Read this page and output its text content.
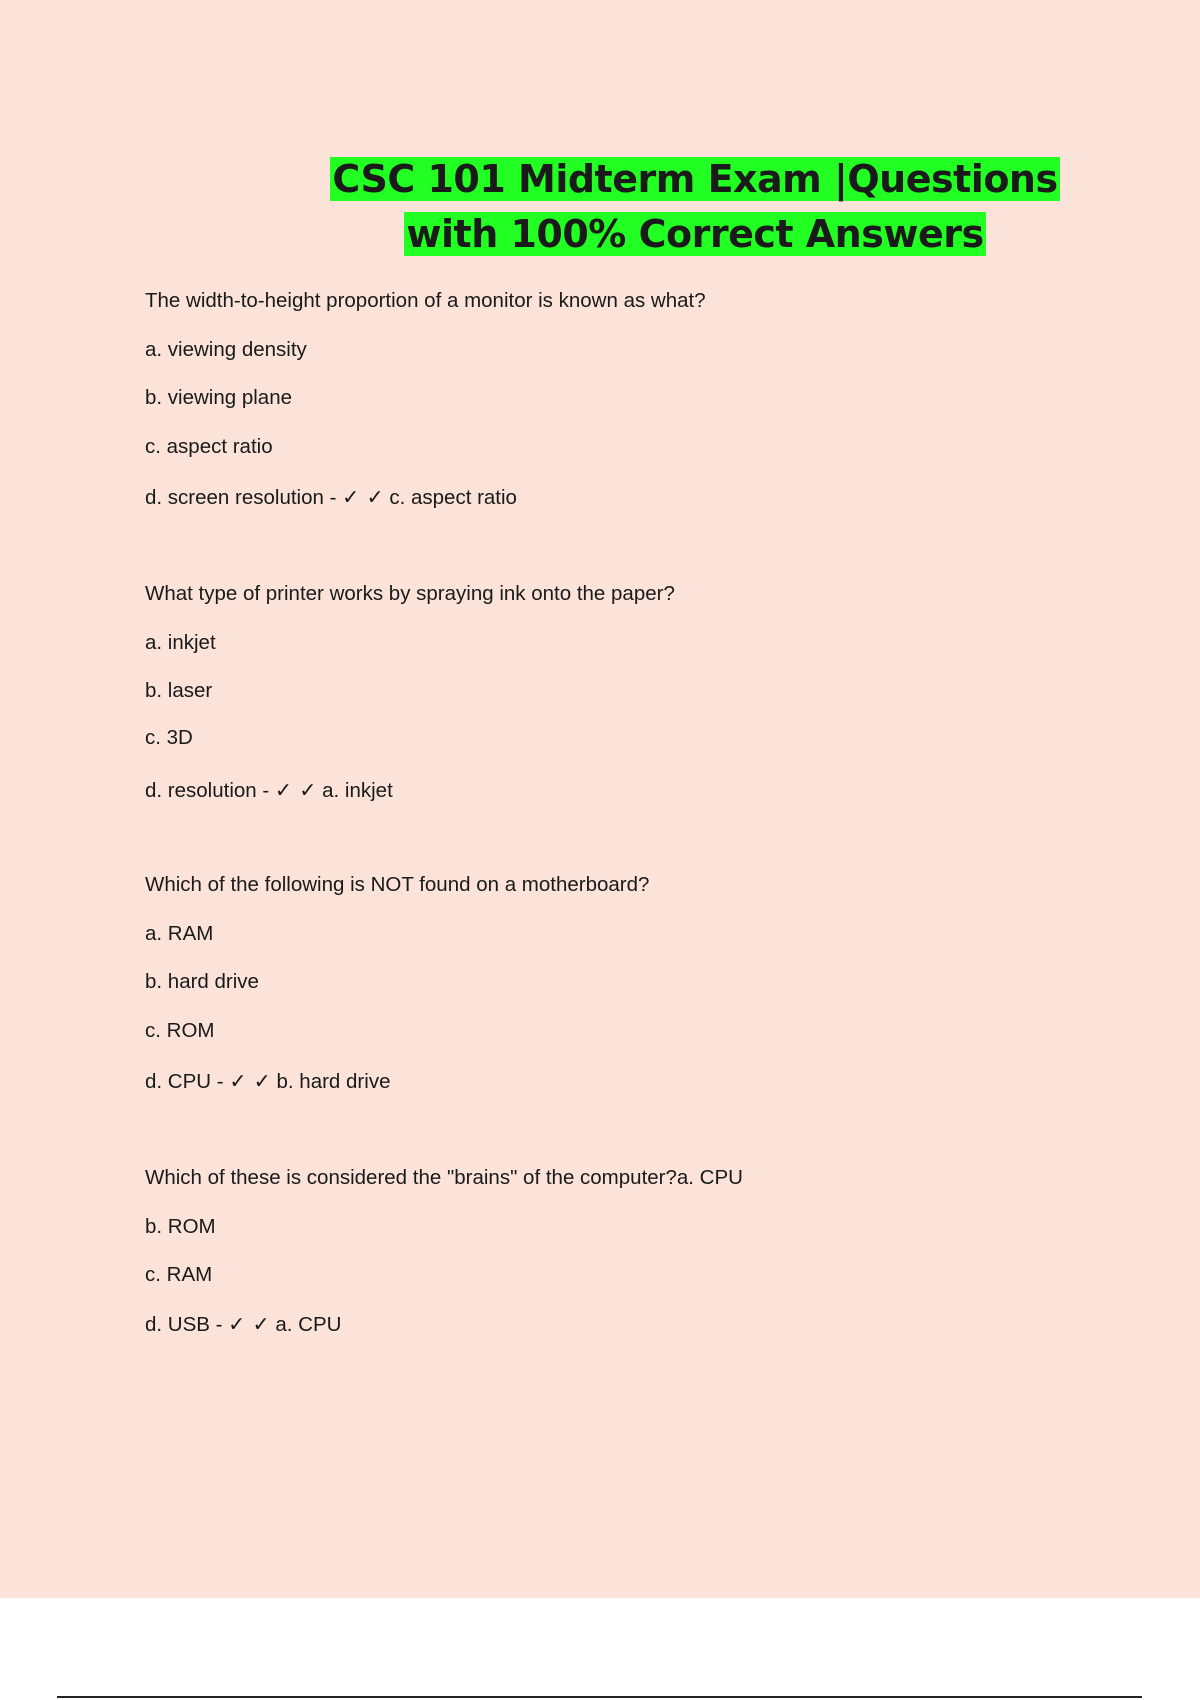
CSC 101 Midterm Exam |Questions
with 100% Correct Answers
The width-to-height proportion of a monitor is known as what?
a. viewing density
b. viewing plane
c. aspect ratio
d. screen resolution - ✓ ✓ c. aspect ratio
What type of printer works by spraying ink onto the paper?
a. inkjet
b. laser
c. 3D
d. resolution - ✓ ✓ a. inkjet
Which of the following is NOT found on a motherboard?
a. RAM
b. hard drive
c. ROM
d. CPU - ✓ ✓ b. hard drive
Which of these is considered the "brains" of the computer?a. CPU
b. ROM
c. RAM
d. USB - ✓ ✓ a. CPU
